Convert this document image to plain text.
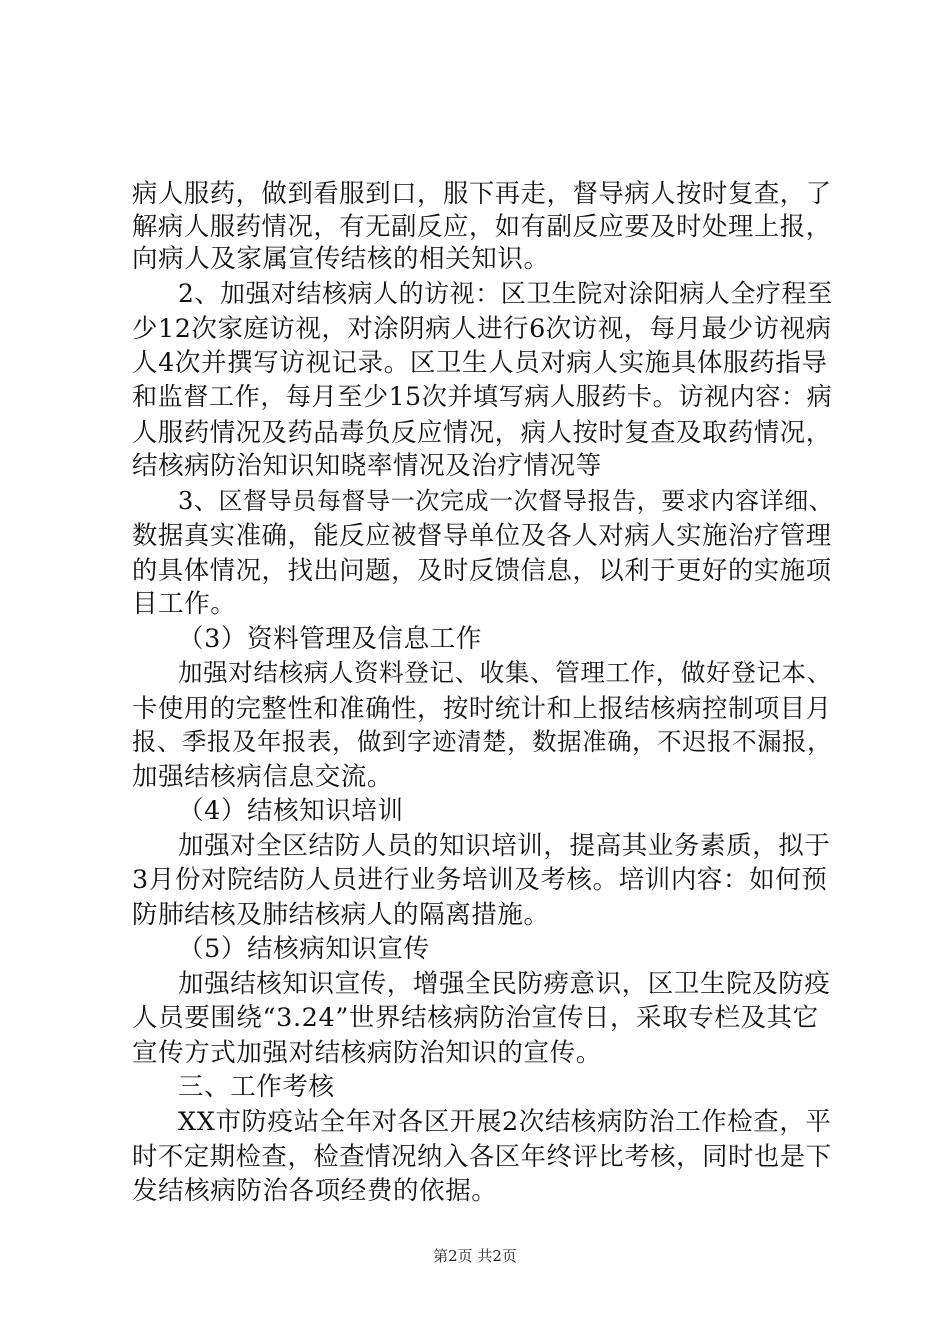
病人服药，做到看服到口，服下再走，督导病人按时复查，了
解病人服药情况，有无副反应，如有副反应要及时处理上报，
向病人及家属宣传结核的相关知识。
2、加强对结核病人的访视：区卫生院对涂阳病人全疗程至
少12次家庭访视，对涂阴病人进行6次访视，每月最少访视病
人4次并撰写访视记录。区卫生人员对病人实施具体服药指导
和监督工作，每月至少15次并填写病人服药卡。访视内容：病
人服药情况及药品毒负反应情况，病人按时复查及取药情况，
结核病防治知识知晓率情况及治疗情况等
3、区督导员每督导一次完成一次督导报告，要求内容详细、
数据真实准确，能反应被督导单位及各人对病人实施治疗管理
的具体情况，找出问题，及时反馈信息，以利于更好的实施项
目工作。
（3）资料管理及信息工作
加强对结核病人资料登记、收集、管理工作，做好登记本、
卡使用的完整性和准确性，按时统计和上报结核病控制项目月
报、季报及年报表，做到字迹清楚，数据准确，不迟报不漏报，
加强结核病信息交流。
（4）结核知识培训
加强对全区结防人员的知识培训，提高其业务素质，拟于
3月份对院结防人员进行业务培训及考核。培训内容：如何预
防肺结核及肺结核病人的隔离措施。
（5）结核病知识宣传
加强结核知识宣传，增强全民防痨意识，区卫生院及防疫
人员要围绕“3.24”世界结核病防治宣传日，采取专栏及其它
宣传方式加强对结核病防治知识的宣传。
三、工作考核
XX市防疫站全年对各区开展2次结核病防治工作检查，平
时不定期检查，检查情况纳入各区年终评比考核，同时也是下
发结核病防治各项经费的依据。
第2页 共2页
